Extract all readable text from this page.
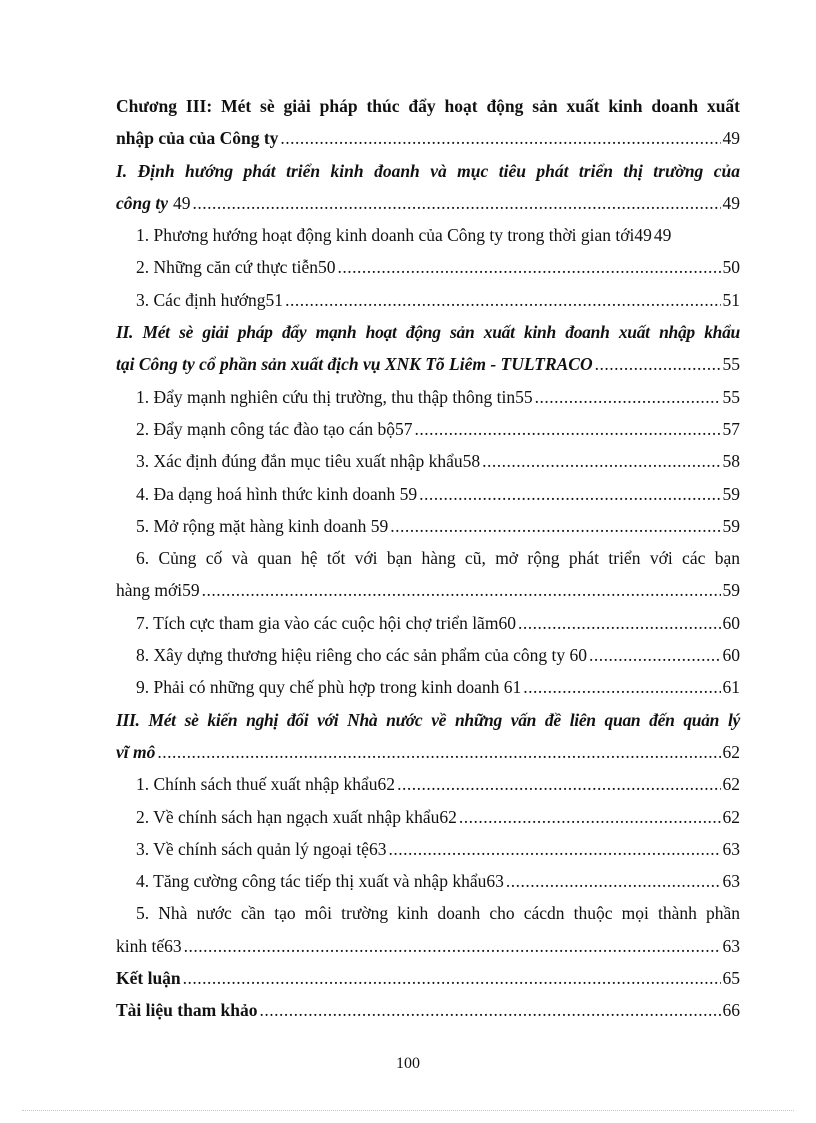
Chương III: Mét sè giải pháp thúc đẩy hoạt động sản xuất kinh doanh xuất
nhập của của Công ty .....	49
I. Định hướng phát triển kinh đoanh và mục tiêu phát triển thị trường của
công ty 49 .....	49
1. Phương hướng hoạt động kinh doanh của Công ty trong thời gian tới49 49
2. Những căn cứ thực tiễn50 .....	50
3. Các định hướng51 .....	51
II. Mét sè giải pháp đẩy mạnh hoạt động sản xuất kinh đoanh xuất nhập khẩu
tại Công ty cổ phần sản xuất địch vụ XNK Tõ Liêm - TULTRACO .....	55
1. Đẩy mạnh nghiên cứu thị trường, thu thập thông tin55 .....	55
2. Đẩy mạnh công tác đào tạo cán bộ57 .....	57
3. Xác định đúng đắn mục tiêu xuất nhập khẩu58 .....	58
4. Đa dạng hoá hình thức kinh doanh 59 .....	59
5. Mở rộng mặt hàng kinh doanh 59 .....	59
6. Củng cố và quan hệ tốt với bạn hàng cũ, mở rộng phát triển với các bạn
hàng mới59 .....	59
7. Tích cực tham gia vào các cuộc hội chợ triển lãm60 .....	60
8. Xây dựng thương hiệu riêng cho các sản phẩm của công ty 60 .....	60
9. Phải có những quy chế phù hợp trong kinh doanh 61 .....	61
III. Mét sè kiến nghị đối với Nhà nước về những vấn đề liên quan đến quản lý
vĩ mô .....	62
1. Chính sách thuế xuất nhập khẩu62 .....	62
2. Về chính sách hạn ngạch xuất nhập khẩu62 .....	62
3. Về chính sách quản lý ngoại tệ63 .....	63
4. Tăng cường công tác tiếp thị xuất và nhập khẩu63 .....	63
5. Nhà nước cần tạo môi trường kinh doanh cho cácdn thuộc mọi thành phần
kinh tế63 .....	63
Kết luận .....	65
Tài liệu tham khảo .....	66
100
